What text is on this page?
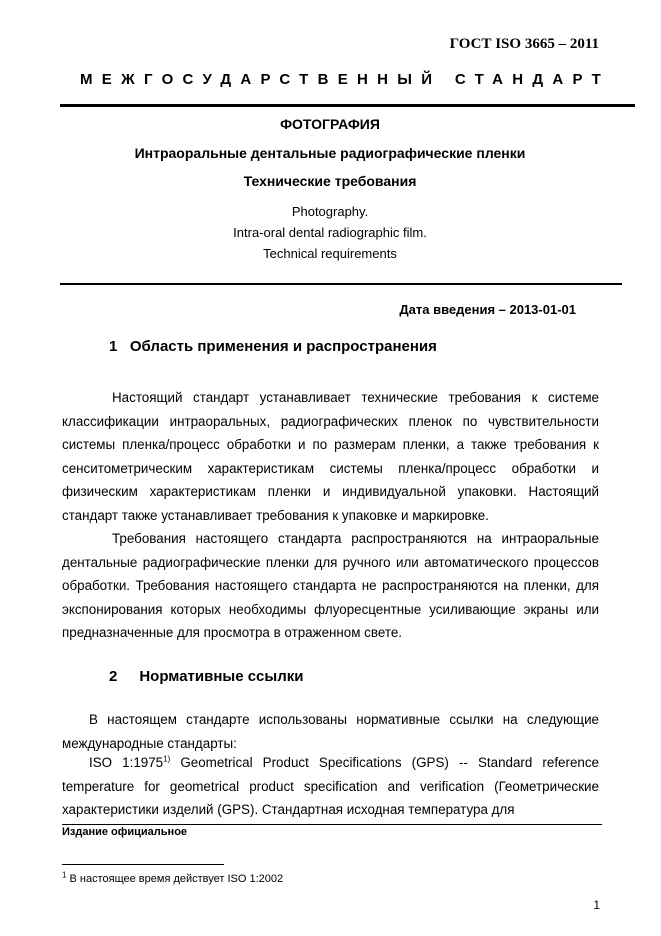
ГОСТ ISO 3665 – 2011
МЕЖГОСУДАРСТВЕННЫЙ СТАНДАРТ
ФОТОГРАФИЯ
Интраоральные дентальные радиографические пленки
Технические требования
Photography.
Intra-oral dental radiographic film.
Technical requirements
Дата введения – 2013-01-01
1 Область применения и распространения
Настоящий стандарт устанавливает технические требования к системе классификации интраоральных, радиографических пленок по чувствительности системы пленка/процесс обработки и по размерам пленки, а также требования к сенситометрическим характеристикам системы пленка/процесс обработки и физическим характеристикам пленки и индивидуальной упаковки. Настоящий стандарт также устанавливает требования к упаковке и маркировке.
Требования настоящего стандарта распространяются на интраоральные дентальные радиографические пленки для ручного или автоматического процессов обработки. Требования настоящего стандарта не распространяются на пленки, для экспонирования которых необходимы флуоресцентные усиливающие экраны или предназначенные для просмотра в отраженном свете.
2 Нормативные ссылки
В настоящем стандарте использованы нормативные ссылки на следующие международные стандарты:
ISO 1:1975$^{1)}$ Geometrical Product Specifications (GPS) -- Standard reference temperature for geometrical product specification and verification (Геометрические характеристики изделий (GPS). Стандартная исходная температура для
Издание официальное
$^1$ В настоящее время действует ISO 1:2002
1
